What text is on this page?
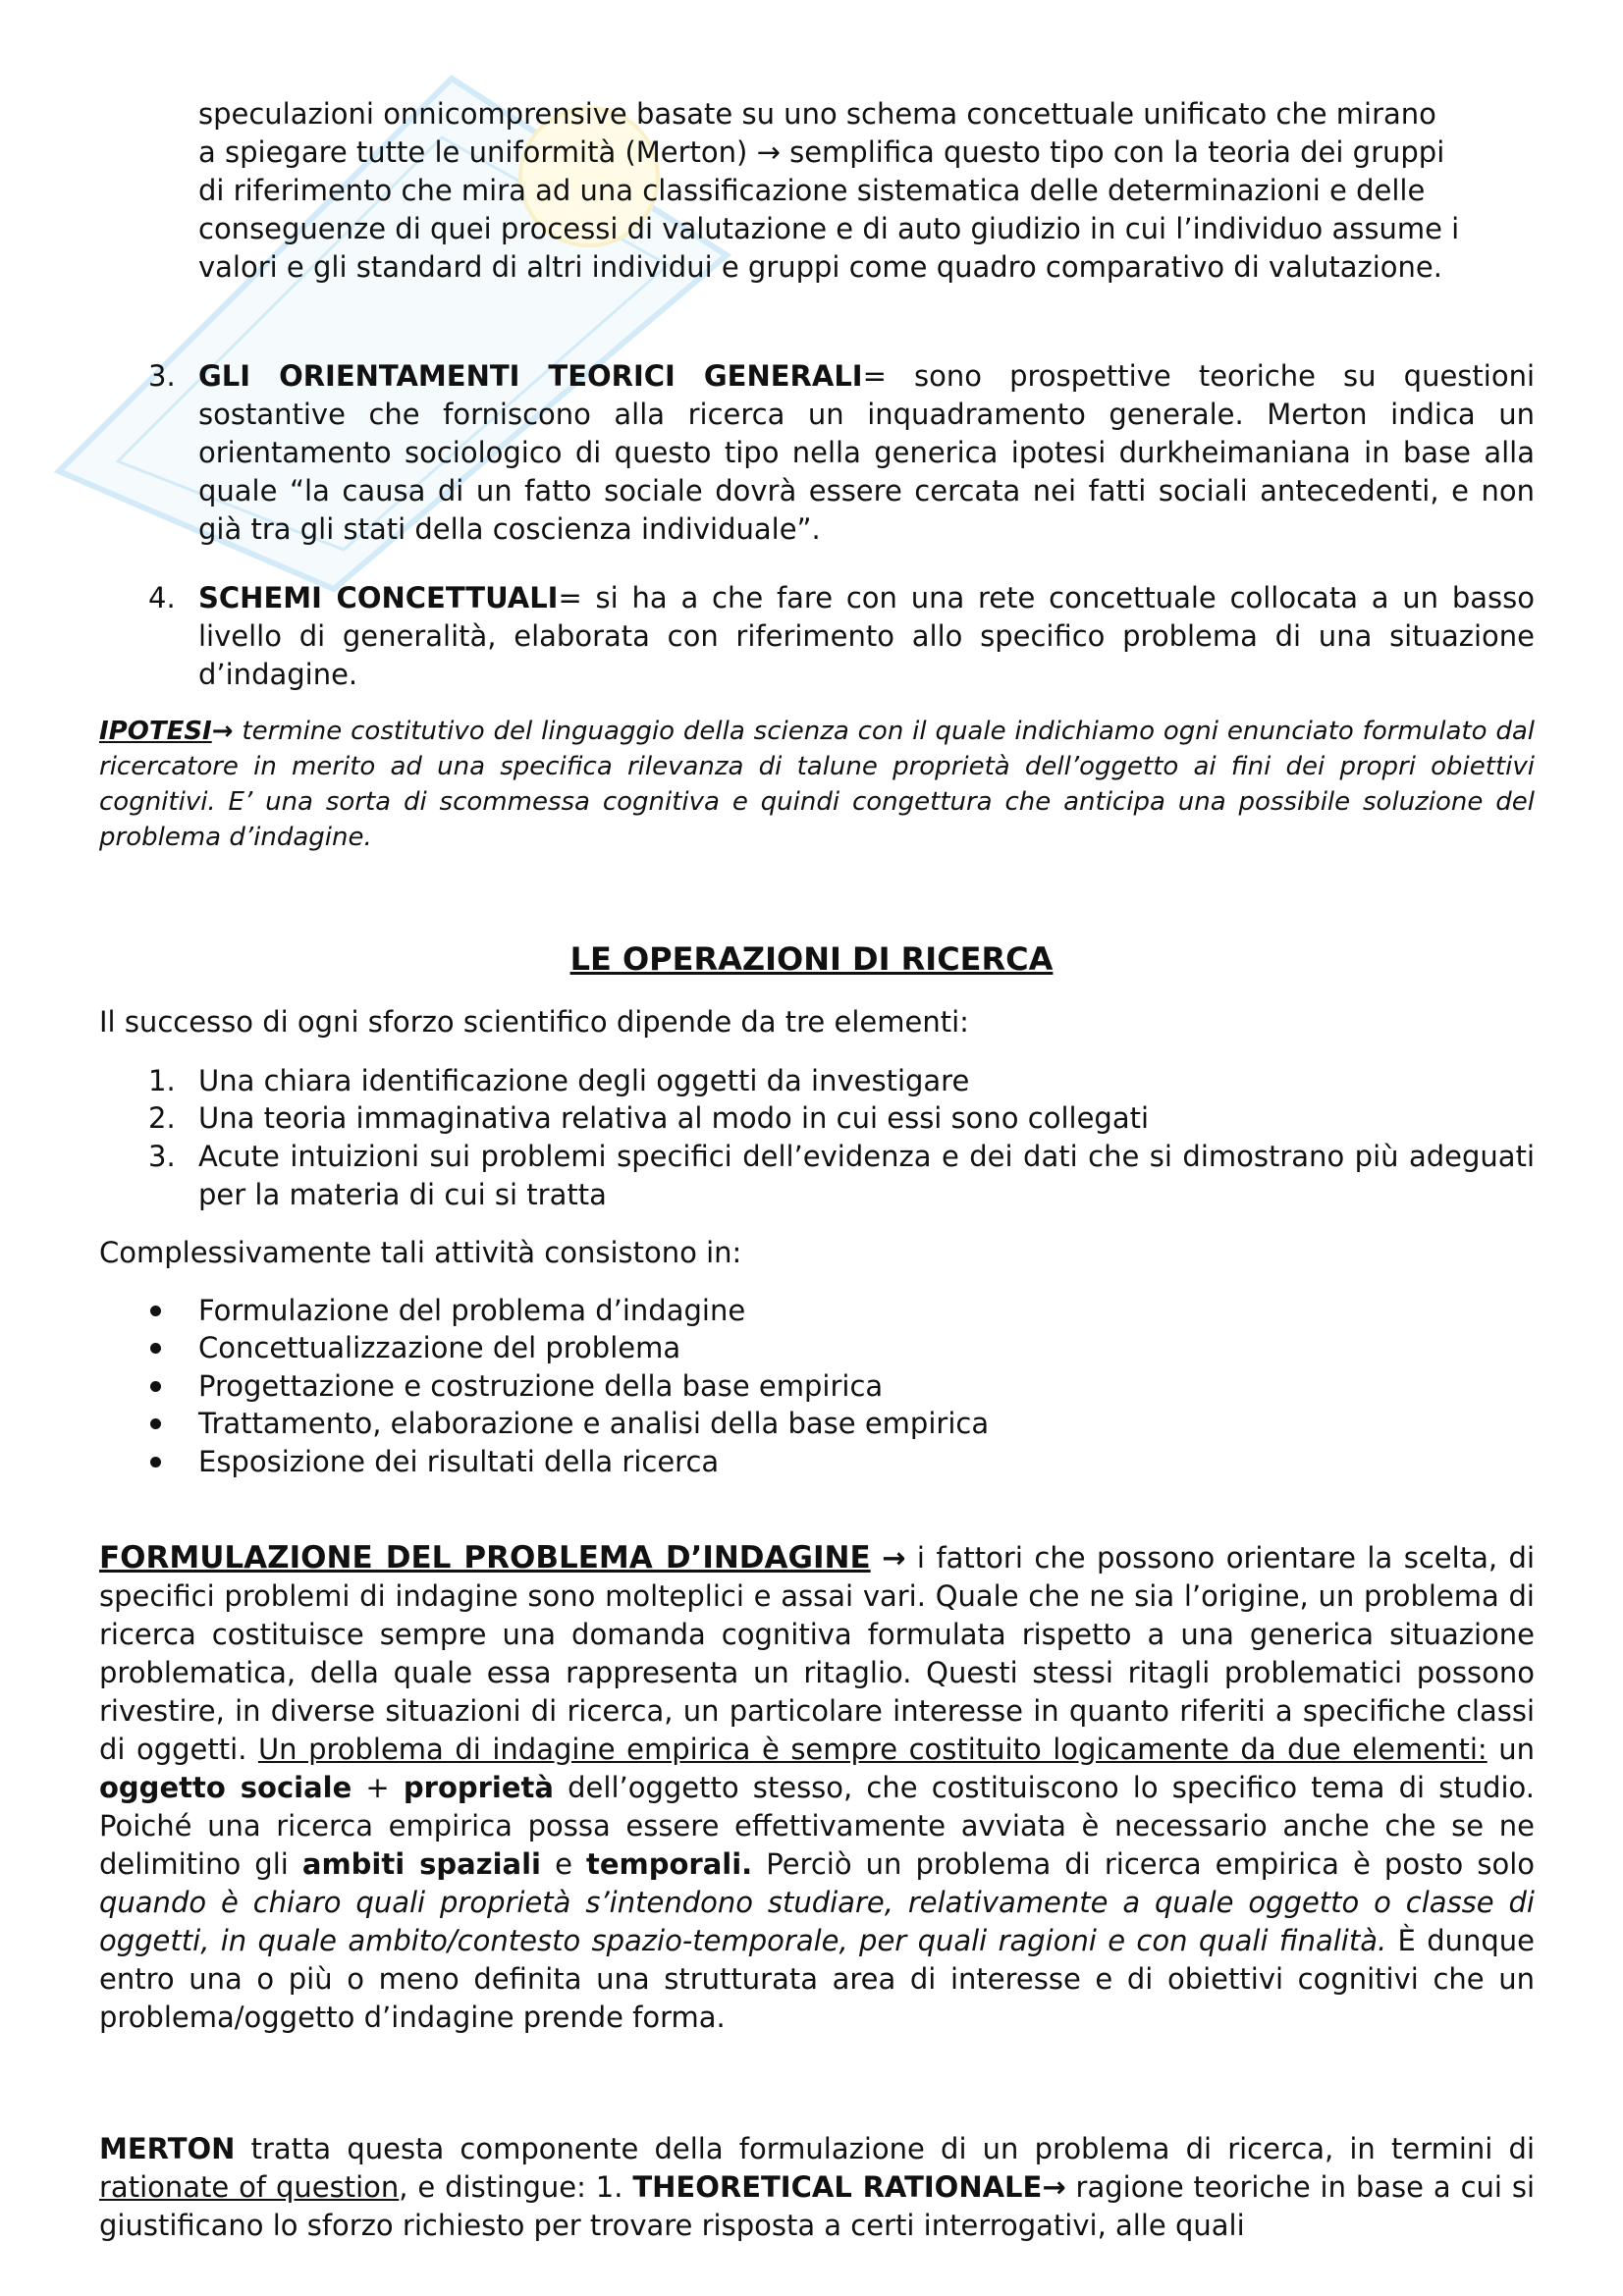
speculazioni onnicomprensive basate su uno schema concettuale unificato che mirano
a spiegare tutte le uniformità (Merton) → semplifica questo tipo con la teoria dei gruppi
di riferimento che mira ad una classificazione sistematica delle determinazioni e delle
conseguenze di quei processi di valutazione e di auto giudizio in cui l’individuo assume i
valori e gli standard di altri individui e gruppi come quadro comparativo di valutazione.

3. GLI ORIENTAMENTI TEORICI GENERALI= sono prospettive teoriche su questioni sostantive che forniscono alla ricerca un inquadramento generale. Merton indica un orientamento sociologico di questo tipo nella generica ipotesi durkheimaniana in base alla quale “la causa di un fatto sociale dovrà essere cercata nei fatti sociali antecedenti, e non già tra gli stati della coscienza individuale”.
4. SCHEMI CONCETTUALI= si ha a che fare con una rete concettuale collocata a un basso livello di generalità, elaborata con riferimento allo specifico problema di una situazione d’indagine.

IPOTESI→ termine costitutivo del linguaggio della scienza con il quale indichiamo ogni enunciato formulato dal ricercatore in merito ad una specifica rilevanza di talune proprietà dell’oggetto ai fini dei propri obiettivi cognitivi. E’ una sorta di scommessa cognitiva e quindi congettura che anticipa una possibile soluzione del problema d’indagine.

LE OPERAZIONI DI RICERCA

Il successo di ogni sforzo scientifico dipende da tre elementi:

1. Una chiara identificazione degli oggetti da investigare
2. Una teoria immaginativa relativa al modo in cui essi sono collegati
3. Acute intuizioni sui problemi specifici dell’evidenza e dei dati che si dimostrano più adeguati per la materia di cui si tratta

Complessivamente tali attività consistono in:

Formulazione del problema d’indagine
Concettualizzazione del problema
Progettazione e costruzione della base empirica
Trattamento, elaborazione e analisi della base empirica
Esposizione dei risultati della ricerca

FORMULAZIONE DEL PROBLEMA D’INDAGINE → i fattori che possono orientare la scelta, di specifici problemi di indagine sono molteplici e assai vari. Quale che ne sia l’origine, un problema di ricerca costituisce sempre una domanda cognitiva formulata rispetto a una generica situazione problematica, della quale essa rappresenta un ritaglio. Questi stessi ritagli problematici possono rivestire, in diverse situazioni di ricerca, un particolare interesse in quanto riferiti a specifiche classi di oggetti. Un problema di indagine empirica è sempre costituito logicamente da due elementi: un oggetto sociale + proprietà dell’oggetto stesso, che costituiscono lo specifico tema di studio. Poiché una ricerca empirica possa essere effettivamente avviata è necessario anche che se ne delimitino gli ambiti spaziali e temporali. Perciò un problema di ricerca empirica è posto solo quando è chiaro quali proprietà s’intendono studiare, relativamente a quale oggetto o classe di oggetti, in quale ambito/contesto spazio-temporale, per quali ragioni e con quali finalità. È dunque entro una o più o meno definita una strutturata area di interesse e di obiettivi cognitivi che un problema/oggetto d’indagine prende forma.

MERTON tratta questa componente della formulazione di un problema di ricerca, in termini di rationate of question, e distingue: 1. THEORETICAL RATIONALE→ ragione teoriche in base a cui si giustificano lo sforzo richiesto per trovare risposta a certi interrogativi, alle quali
